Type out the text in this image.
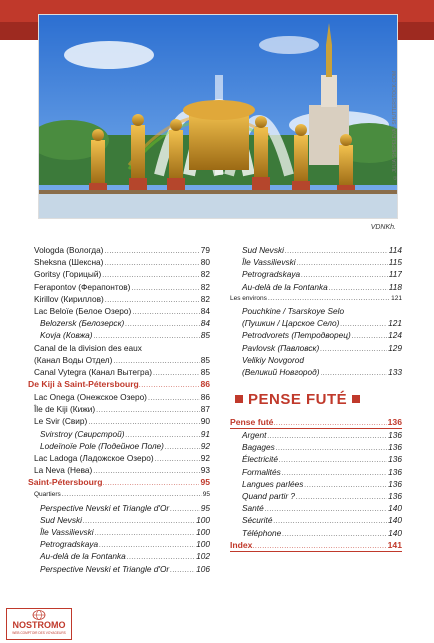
© JULIA SHEPELEVA / SHUTTERSTOCK.COM
VDNKh.
Vologda (Вологда) .....	79
Sheksna (Шексна) .....	80
Goritsy (Горицый) .....	82
Ferapontov (Ферапонтов) .....	82
Kirillov (Кириллов) .....	82
Lac Beloïe (Белое Озеро) .....	84
Belozersk (Белозерск) .....	84
Kovja (Ковжа) .....	85
Canal de la division des eaux
(Канал Воды Отдел) .....	85
Canal Vytegra (Канал Вытегра) .....	85
De Kiji à Saint-Pétersbourg .....	86
Lac Onega (Онежское Озеро) .....	86
Île de Kiji (Кижи) .....	87
Le Svir (Свир) .....	90
Svirstroy (Свирстрой) .....	91
Lodeïnoïe Pole (Подейное Поле) .....	92
Lac Ladoga (Ладожское Озеро) .....	92
La Neva (Нева) .....	93
Saint-Pétersbourg .....	95
Quartiers .....	95
Perspective Nevski et Triangle d'Or .....	95
Sud Nevski .....	100
Île Vassilievski .....	100
Petrogradskaya .....	100
Au-delà de la Fontanka .....	102
Perspective Nevski et Triangle d'Or .....	106
Sud Nevski .....	114
Île Vassilievski .....	115
Petrogradskaya .....	117
Au-delà de la Fontanka .....	118
Les environs .....	121
Pouchkine / Tsarskoye Selo
(Пушкин / Царское Село) .....	121
Petrodvorets (Петродворец) .....	124
Pavlovsk (Павловск) .....	129
Velikiy Novgorod
(Великий Новгород) .....	133
PENSE FUTÉ
Pense futé .....	136
Argent .....	136
Bagages .....	136
Électricité .....	136
Formalités .....	136
Langues parlées .....	136
Quand partir ? .....	136
Santé .....	140
Sécurité .....	140
Téléphone .....	140
Index .....	141
NOSTROMO
WEB COMPTOIR DES VOYAGEURS
